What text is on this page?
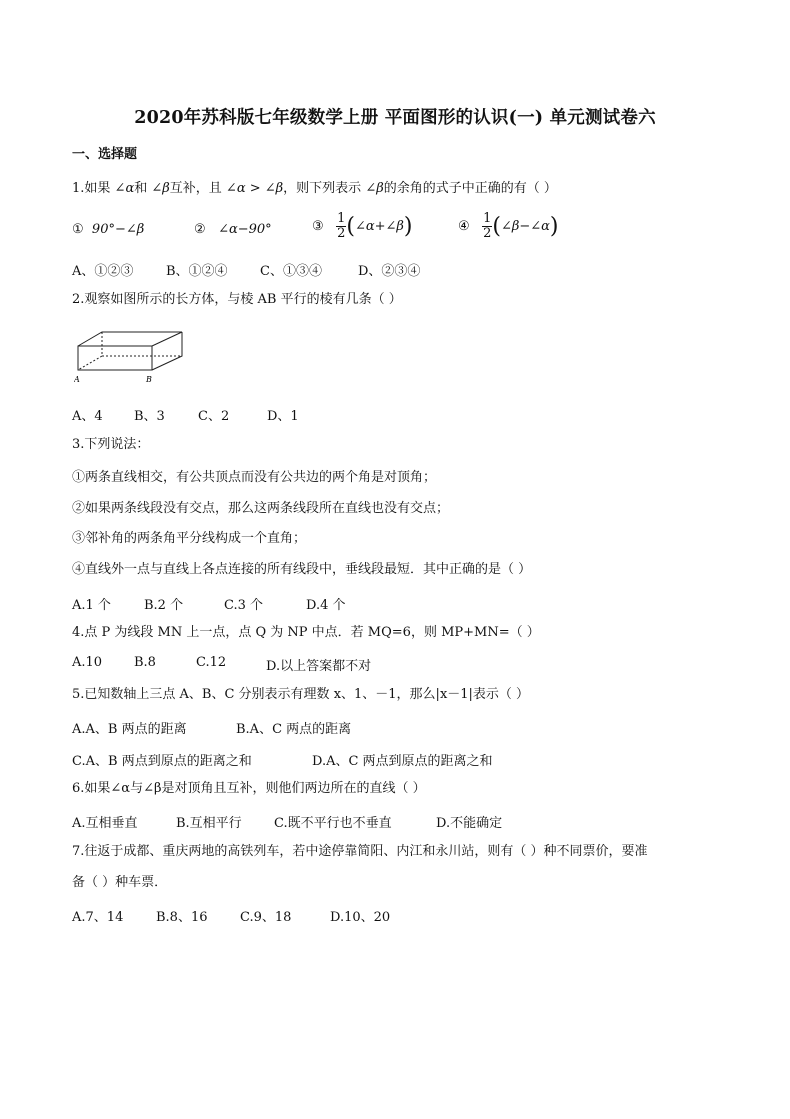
2020年苏科版七年级数学上册 平面图形的认识(一) 单元测试卷六
一、选择题
1.如果 ∠α和 ∠β互补，且 ∠α > ∠β，则下列表示 ∠β的余角的式子中正确的有（ ）
① 90°−∠β	② ∠α−90°	③ $\frac{1}{2}$ (∠α+∠β)	④ $\frac{1}{2}$ (∠β−∠α)
A、①②③	B、①②④ C、①③④	D、②③④
2.观察如图所示的长方体，与棱 AB 平行的棱有几条（ ）
A	B
A、4 B、3	C、2	D、1
3.下列说法：
①两条直线相交，有公共顶点而没有公共边的两个角是对顶角；
②如果两条线段没有交点，那么这两条线段所在直线也没有交点；
③邻补角的两条角平分线构成一个直角；
④直线外一点与直线上各点连接的所有线段中，垂线段最短．其中正确的是（ ）
A.1 个	B.2 个	C.3 个	D.4 个
4.点 P 为线段 MN 上一点，点 Q 为 NP 中点．若 MQ=6，则 MP+MN=（ ）
A.10 B.8	C.12	D.以上答案都不对
5.已知数轴上三点 A、B、C 分别表示有理数 x、1、－1，那么|x－1|表示（ ）
A.A、B 两点的距离	B.A、C 两点的距离
C.A、B 两点到原点的距离之和	D.A、C 两点到原点的距离之和
6.如果∠α与∠β是对顶角且互补，则他们两边所在的直线（ ）
A.互相垂直	B.互相平行 C.既不平行也不垂直	D.不能确定
7.往返于成都、重庆两地的高铁列车，若中途停靠简阳、内江和永川站，则有（ ）种不同票价，要准
备（ ）种车票．
A.7、14	B.8、16	C.9、18	D.10、20
